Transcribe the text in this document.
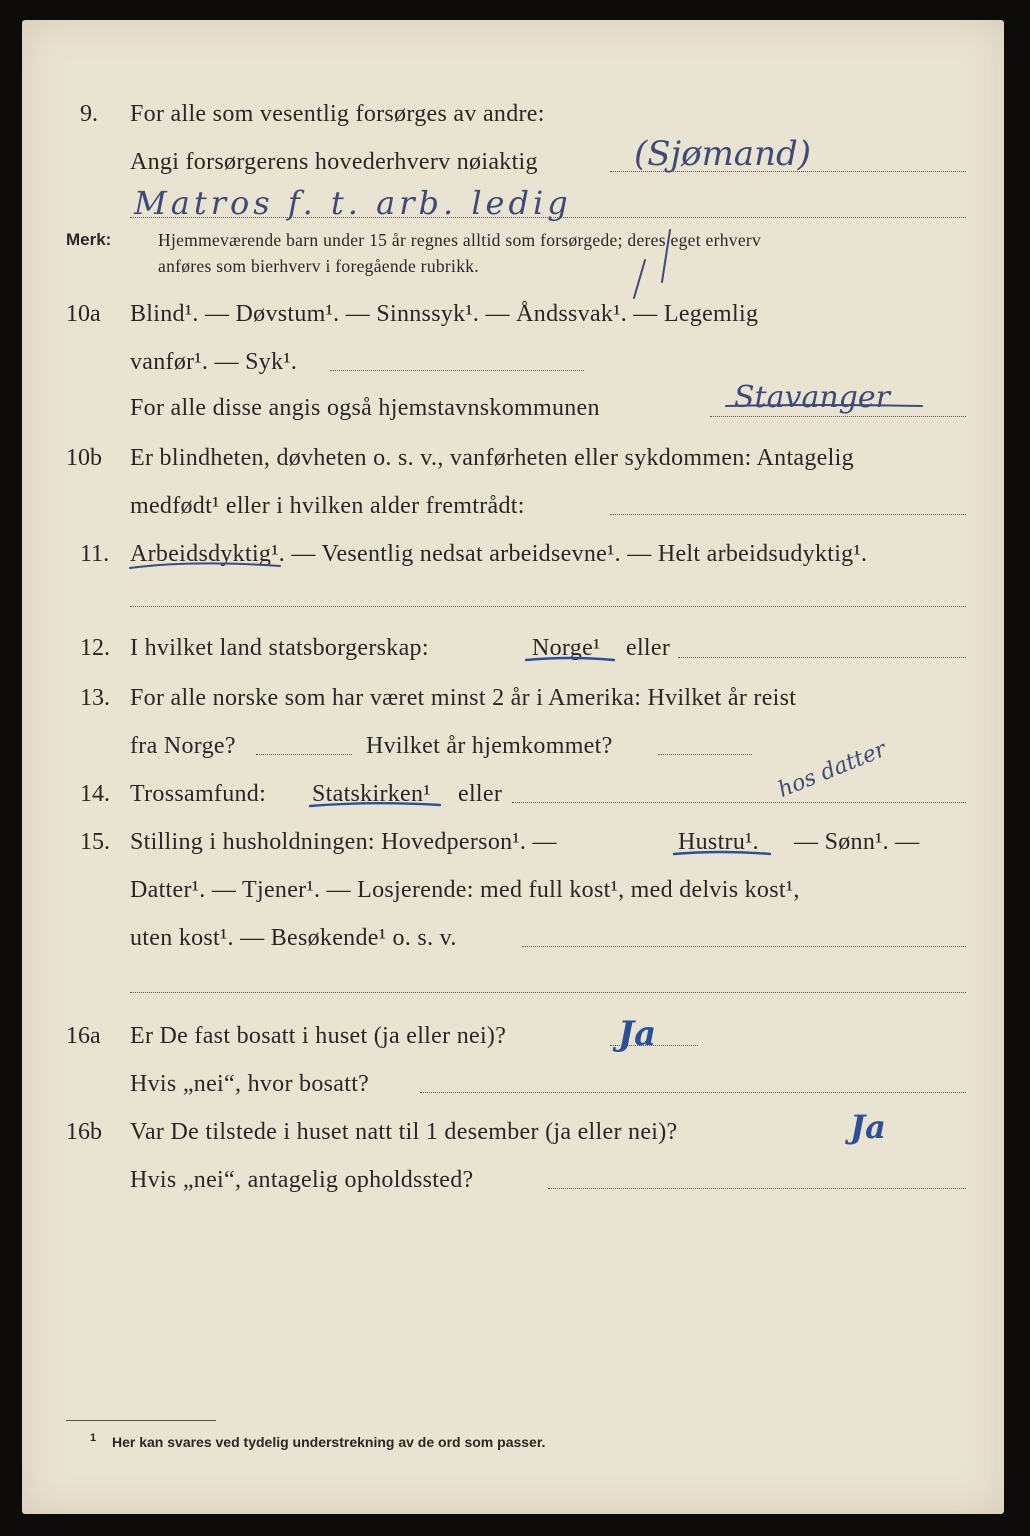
9. For alle som vesentlig forsørges av andre:
Angi forsørgerens hovederhverv nøiaktig	(Sjømand)
Matros f. t. arb. ledig
Merk:	Hjemmeværende barn under 15 år regnes alltid som forsørgede; deres eget erhverv
anføres som bierhverv i foregående rubrikk.
10a Blind¹. — Døvstum¹. — Sinnssyk¹. — Åndssvak¹. — Legemlig
vanfør¹. — Syk¹.
For alle disse angis også hjemstavnskommunen	Stavanger
10b Er blindheten, døvheten o. s. v., vanførheten eller sykdommen: Antagelig
medfødt¹ eller i hvilken alder fremtrådt:
11. Arbeidsdyktig¹. — Vesentlig nedsat arbeidsevne¹. — Helt arbeidsudyktig¹.
12. I hvilket land statsborgerskap:	Norge¹ eller
13. For alle norske som har været minst 2 år i Amerika: Hvilket år reist
fra Norge?	Hvilket år hjemkommet?
14. Trossamfund: Statskirken¹ eller
15. Stilling i husholdningen: Hovedperson¹. —	Hustru¹. — Sønn¹. —
hos datter
Datter¹. — Tjener¹. — Losjerende: med full kost¹, med delvis kost¹,
uten kost¹. — Besøkende¹ o. s. v.
16a Er De fast bosatt i huset (ja eller nei)?	Ja
Hvis „nei“, hvor bosatt?
16b Var De tilstede i huset natt til 1 desember (ja eller nei)?	Ja
Hvis „nei“, antagelig opholdssted?
1 Her kan svares ved tydelig understrekning av de ord som passer.
